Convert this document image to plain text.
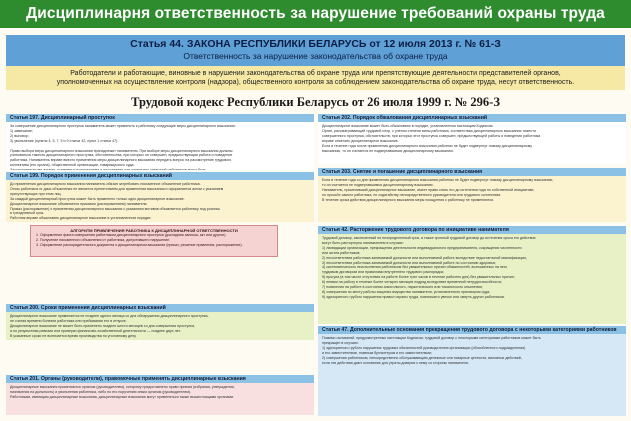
Дисциплинарня ответственность за нарушение требований охраны труда
Статья 44. ЗАКОНА РЕСПУБЛИКИ БЕЛАРУСЬ от 12 июля 2013 г. № 61-З
Ответственность за нарушение законодательства об охране труда
Работодатели и работающие, виновные в нарушении законодательства об охране труда или препятствующие деятельности представителей органов,
уполномоченных на осуществление контроля (надзора), общественного контроля за соблюдением законодательства об охране труда, несут ответственность.
Трудовой кодекс Республики Беларусь от 26 июля 1999 г. № 296-З
Статья 197. Дисциплинарный проступок
За совершение дисциплинарного проступка наниматель может применить к работнику следующие меры дисциплинарного взыскания:
1) замечание;
2) выговор;
3) увольнение (пункты 4, 5, 7, 9 и 9 статьи 42, пункт 1 статьи 47).

Право выбора меры дисциплинарного взыскания принадлежит нанимателю. При выборе меры дисциплинарного взыскания должны
учитываться тяжесть дисциплинарного проступка, обстоятельства, при которых он совершен, предшествующая работа и поведение
работника. Наниматель вправе вместо применения меры дисциплинарного взыскания передать вопрос на рассмотрение трудового
коллектива (его органа), общественной организации, товарищеского суда.
Статья 199. Порядок применения дисциплинарных взысканий
До применения дисциплинарного взыскания наниматель обязан затребовать письменное объяснение работника.
Отказ работника от дачи объяснения не является препятствием для применения взыскания и оформляется актом с указанием
присутствующих при этом лиц.
За каждый дисциплинарный проступок может быть применено только одно дисциплинарное взыскание.
Дисциплинарное взыскание объявляется приказом (распоряжением) нанимателя.
Приказ (распоряжение) о применении дисциплинарного взыскания с указанием мотивов объявляется работнику под роспись
в трехдневный срок.
Работник вправе обжаловать дисциплинарное взыскание в установленном порядке.
Статья 200. Сроки применения дисциплинарных взысканий
Дисциплинарное взыскание применяется не позднее одного месяца со дня обнаружения дисциплинарного проступка,
не считая времени болезни работника или пребывания его в отпуске.
Дисциплинарное взыскание не может быть применено позднее шести месяцев со дня совершения проступка,
а по результатам ревизии или проверки финансово-хозяйственной деятельности — позднее двух лет.
В указанные сроки не включается время производства по уголовному делу.
Статья 201. Органы (руководители), правомочные применять дисциплинарные взыскания
Дисциплинарные взыскания применяются органом (руководителем), которому предоставлено право приема (избрания, утверждения,
назначения на должность) и увольнения работника, либо по его поручению иным органом (руководителем).
Работникам, имеющим дисциплинарные взыскания, дисциплинарные взыскания могут применяться также вышестоящими органами.
АЛГОРИТМ ПРИВЛЕЧЕНИЯ РАБОТНИКА К ДИСЦИПЛИНАРНОЙ ОТВЕТСТВЕННОСТИ
1. Оформление факта совершения работником дисциплинарного проступка (докладная записка, акт или другое).
2. Получение письменного объяснения от работника, допустившего нарушение.
3. Оформление распорядительного документа о дисциплинарном взыскании (приказ, решение правления, распоряжение).
Статья 202. Порядок обжалования дисциплинарных взысканий
Дисциплинарное взыскание может быть обжаловано в порядке, установленном настоящим Кодексом.
Орган, рассматривающий трудовой спор, с учетом степени вины работника, соответствия дисциплинарного взыскания тяжести
совершенного проступка, обстоятельств, при которых этот проступок совершен, предшествующей работы и поведения работника
вправе отменить дисциплинарное взыскание.
Если в течение года после применения дисциплинарного взыскания работник не будет подвергнут новому дисциплинарному
взысканию, то он считается не подвергавшимся дисциплинарному взысканию.
Статья 203. Снятие и погашение дисциплинарного взыскания
Если в течение года со дня применения дисциплинарного взыскания работник не будет подвергнут новому дисциплинарному взысканию,
то он считается не подвергавшимся дисциплинарному взысканию.
Наниматель, применивший дисциплинарное взыскание, имеет право снять его до истечения года по собственной инициативе,
по просьбе самого работника, по ходатайству непосредственного руководителя или трудового коллектива.
В течение срока действия дисциплинарного взыскания меры поощрения к работнику не применяются.
Статья 42. Расторжение трудового договора по инициативе нанимателя
Трудовой договор, заключенный на неопределенный срок, а также срочный трудовой договор до истечения срока его действия
могут быть расторгнуты нанимателем в случаях:
1) ликвидации организации, прекращения деятельности индивидуального предпринимателя, сокращения численности
или штата работников;
2) несоответствия работника занимаемой должности или выполняемой работе вследствие недостаточной квалификации;
3) несоответствия работника занимаемой должности или выполняемой работе по состоянию здоровья;
4) систематического неисполнения работником без уважительных причин обязанностей, возложенных на него
трудовым договором или правилами внутреннего трудового распорядка;
5) прогула (в том числе отсутствия на работе более трех часов в течение рабочего дня) без уважительных причин;
6) неявки на работу в течение более четырех месяцев подряд вследствие временной нетрудоспособности;
7) появления на работе в состоянии алкогольного, наркотического или токсического опьянения;
8) совершения по месту работы хищения имущества нанимателя, установленного приговором суда;
9) однократного грубого нарушения правил охраны труда, повлекшего увечье или смерть других работников.
Статья 47. Дополнительные основания прекращения трудового договора с некоторыми категориями работников
Помимо оснований, предусмотренных настоящим Кодексом, трудовой договор с некоторыми категориями работников может быть
прекращен в случаях:
1) однократного грубого нарушения трудовых обязанностей руководителем организации (обособленного подразделения)
и его заместителями, главным бухгалтером и его заместителями;
2) совершения работником, непосредственно обслуживающим денежные или товарные ценности, виновных действий,
если эти действия дают основание для утраты доверия к нему со стороны нанимателя.
